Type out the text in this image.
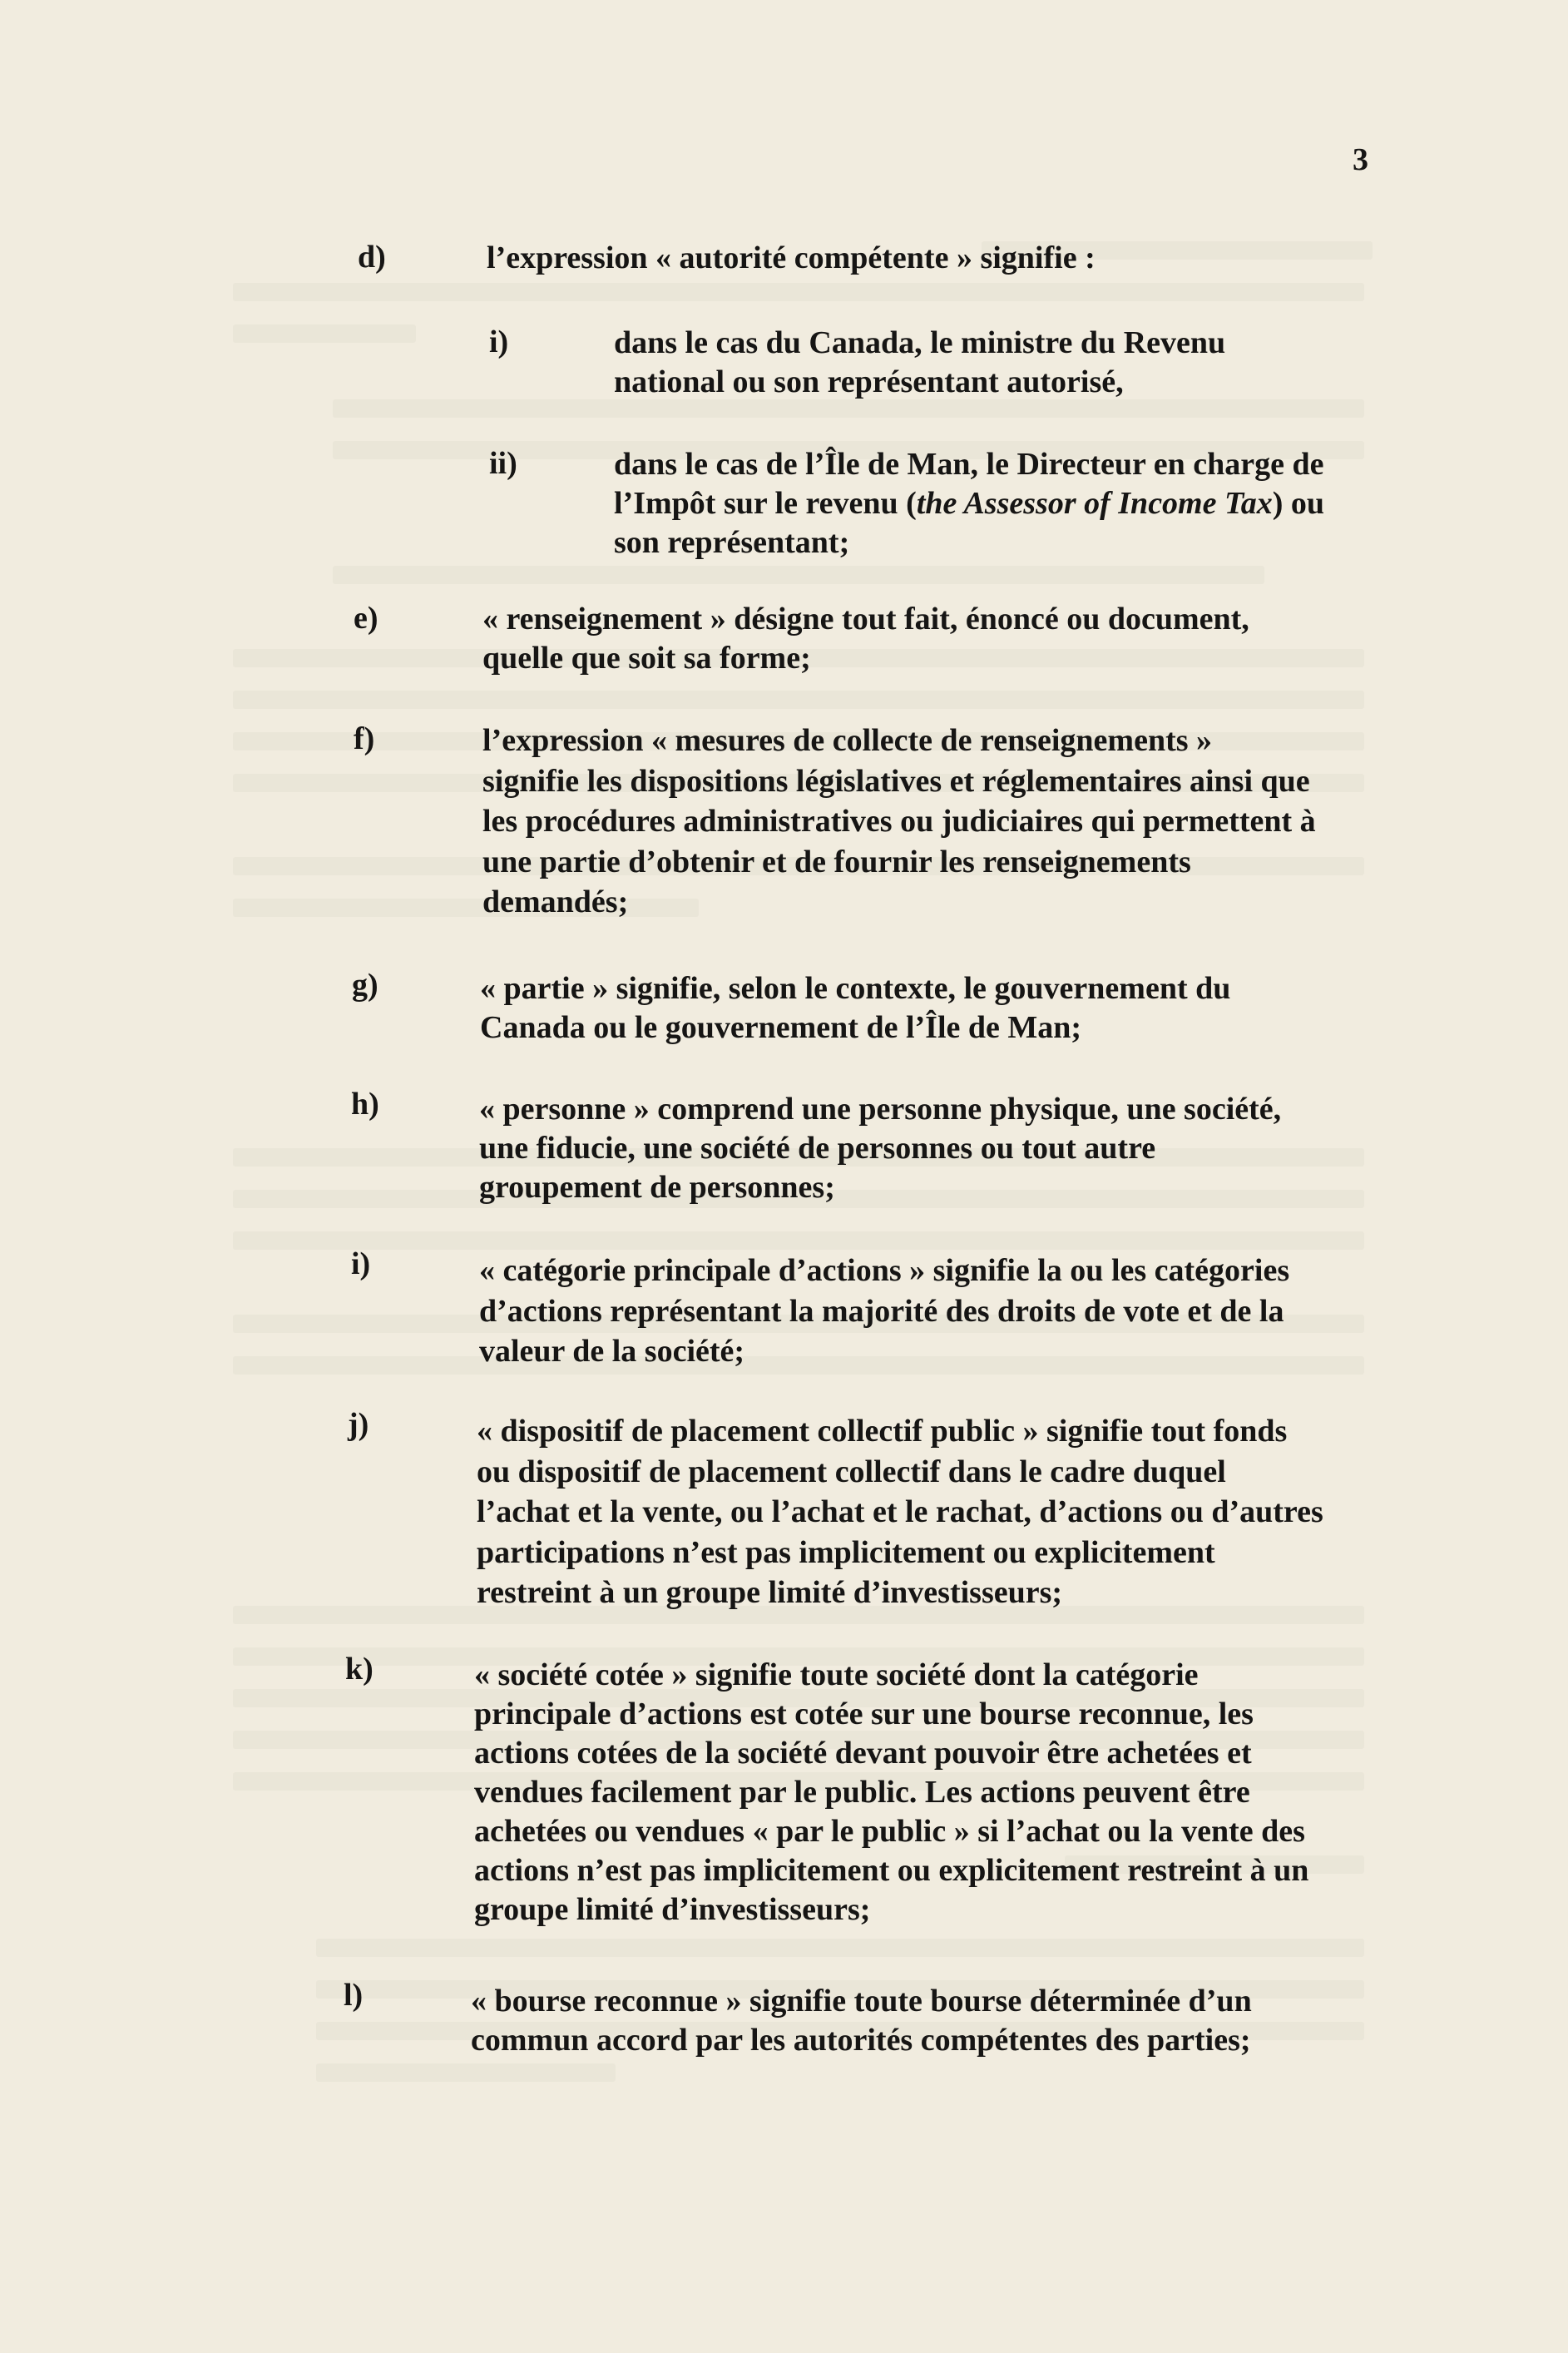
3
d)	l’expression « autorité compétente » signifie :
i)	dans le cas du Canada, le ministre du Revenu
national ou son représentant autorisé,
ii)	dans le cas de l’Île de Man, le Directeur en charge de
l’Impôt sur le revenu (the Assessor of Income Tax) ou
son représentant;
e)	« renseignement » désigne tout fait, énoncé ou document,
quelle que soit sa forme;
f)	l’expression « mesures de collecte de renseignements »
signifie les dispositions législatives et réglementaires ainsi que
les procédures administratives ou judiciaires qui permettent à
une partie d’obtenir et de fournir les renseignements
demandés;
g)	« partie » signifie, selon le contexte, le gouvernement du
Canada ou le gouvernement de l’Île de Man;
h)	« personne » comprend une personne physique, une société,
une fiducie, une société de personnes ou tout autre
groupement de personnes;
i)	« catégorie principale d’actions » signifie la ou les catégories
d’actions représentant la majorité des droits de vote et de la
valeur de la société;
j)	« dispositif de placement collectif public » signifie tout fonds
ou dispositif de placement collectif dans le cadre duquel
l’achat et la vente, ou l’achat et le rachat, d’actions ou d’autres
participations n’est pas implicitement ou explicitement
restreint à un groupe limité d’investisseurs;
k)	« société cotée » signifie toute société dont la catégorie
principale d’actions est cotée sur une bourse reconnue, les
actions cotées de la société devant pouvoir être achetées et
vendues facilement par le public. Les actions peuvent être
achetées ou vendues « par le public » si l’achat ou la vente des
actions n’est pas implicitement ou explicitement restreint à un
groupe limité d’investisseurs;
l)	« bourse reconnue » signifie toute bourse déterminée d’un
commun accord par les autorités compétentes des parties;
